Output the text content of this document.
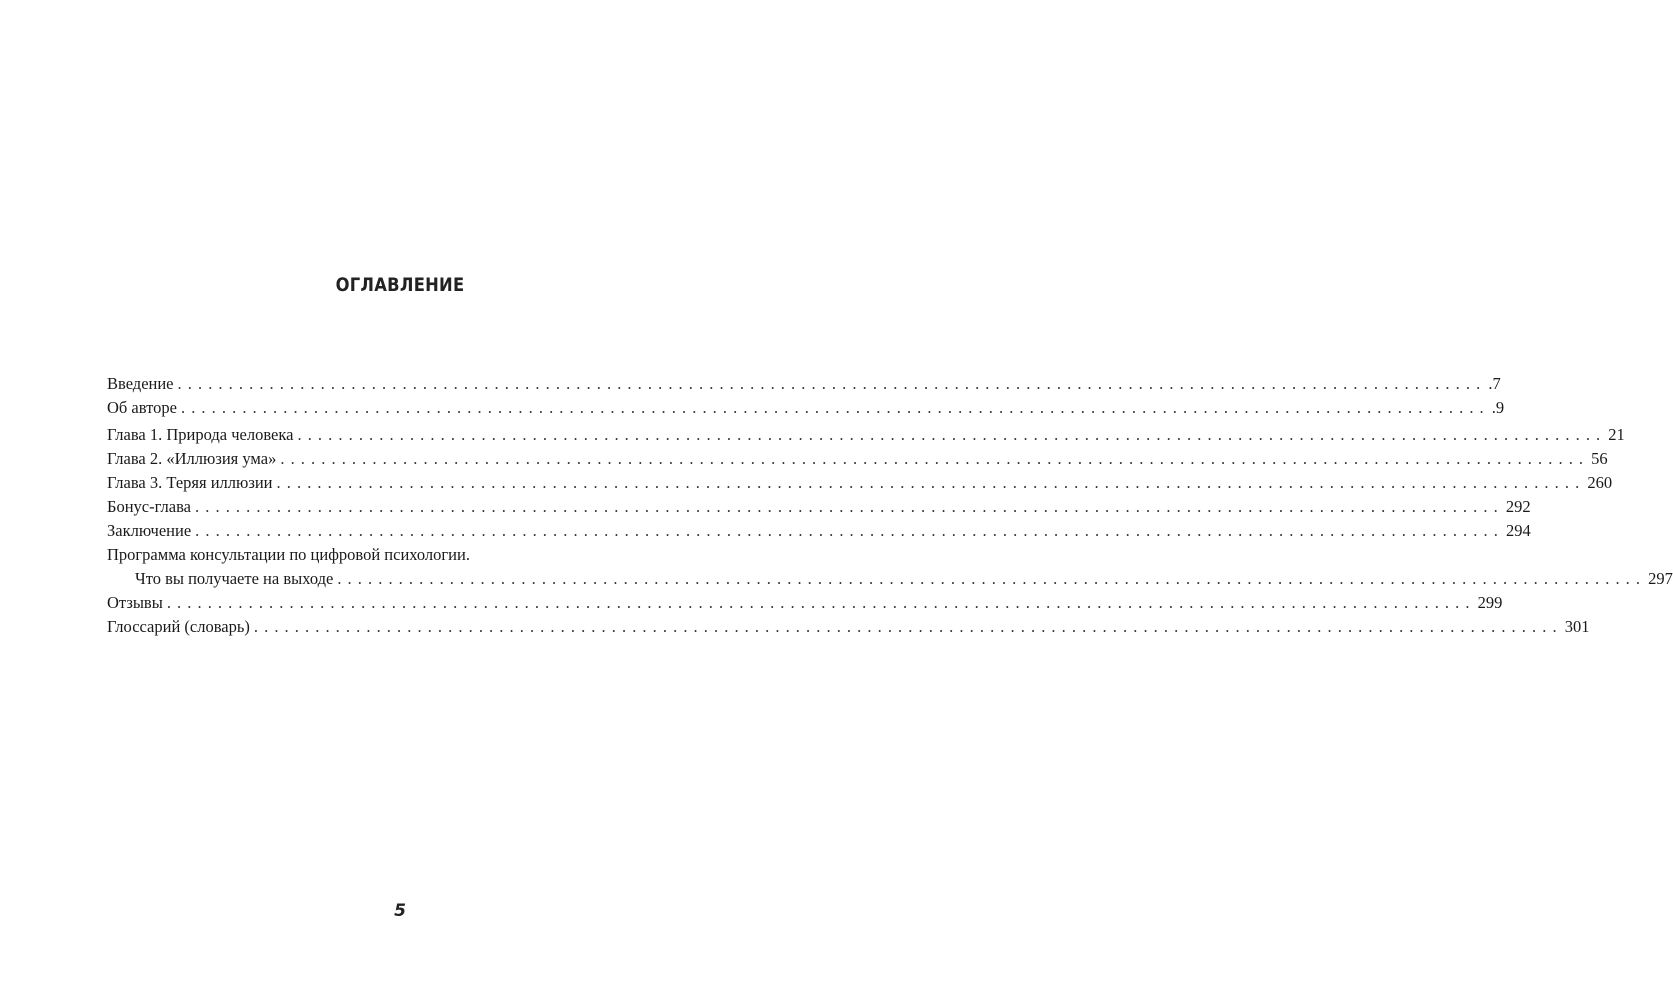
ОГЛАВЛЕНИЕ
Введение ................................................................................................................................ .7
Об авторе ................................................................................................................................ .9
Глава 1. Природа человека ................................................................................................................................ 21
Глава 2. «Иллюзия ума» ................................................................................................................................ 56
Глава 3. Теряя иллюзии ................................................................................................................................ 260
Бонус-глава ................................................................................................................................ 292
Заключение ................................................................................................................................ 294
Программа консультации по цифровой психологии.
Что вы получаете на выходе ................................................................................................................................ 297
Отзывы ................................................................................................................................ 299
Глоссарий (словарь) ................................................................................................................................ 301
5
